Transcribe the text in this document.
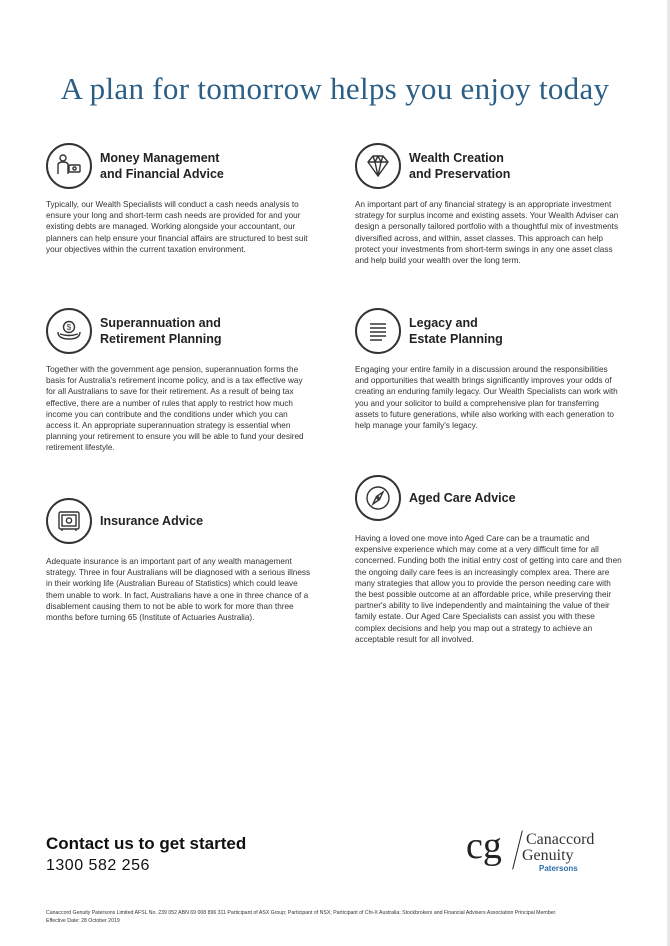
A plan for tomorrow helps you enjoy today
Money Management
and Financial Advice
Typically, our Wealth Specialists will conduct a cash needs analysis to ensure your long and short-term cash needs are provided for and your existing debts are managed. Working alongside your accountant, our planners can help ensure your financial affairs are structured to best suit your objectives within the current taxation environment.
Wealth Creation
and Preservation
An important part of any financial strategy is an appropriate investment strategy for surplus income and existing assets. Your Wealth Adviser can design a personally tailored portfolio with a thoughtful mix of investments diversified across, and within, asset classes. This approach can help protect your investments from short-term swings in any one asset class and help build your wealth over the long term.
$ Superannuation and
Retirement Planning
Together with the government age pension, superannuation forms the basis for Australia's retirement income policy, and is a tax effective way for all Australians to save for their retirement. As a result of being tax effective, there are a number of rules that apply to restrict how much income you can contribute and the conditions under which you can access it. An appropriate superannuation strategy is essential when planning your retirement to ensure you will be able to fund your desired retirement lifestyle.
Legacy and
Estate Planning
Engaging your entire family in a discussion around the responsibilities and opportunities that wealth brings significantly improves your odds of creating an enduring family legacy. Our Wealth Specialists can work with you and your solicitor to build a comprehensive plan for transferring assets to future generations, while also working with each generation to help manage your family's legacy.
Insurance Advice
Adequate insurance is an important part of any wealth management strategy. Three in four Australians will be diagnosed with a serious illness in their working life (Australian Bureau of Statistics) which could leave them unable to work. In fact, Australians have a one in three chance of a disablement causing them to not be able to work for more than three months before turning 65 (Institute of Actuaries Australia).
Aged Care Advice
Having a loved one move into Aged Care can be a traumatic and expensive experience which may come at a very difficult time for all concerned. Funding both the initial entry cost of getting into care and then the ongoing daily care fees is an increasingly complex area. There are many strategies that allow you to provide the person needing care with the best possible outcome at an affordable price, while preserving their partner's ability to live independently and maintaining the value of their family estate. Our Aged Care Specialists can assist you with these complex decisions and help you map out a strategy to achieve an acceptable result for all involved.
Contact us to get started
1300 582 256	cg Canaccord
Genuity
Patersons
Canaccord Genuity Patersons Limited AFSL No. 239 052 ABN 69 008 896 311 Participant of ASX Group; Participant of NSX; Participant of Chi-X Australia; Stockbrokers and Financial Advisers Association Principal Member.
Effective Date: 28 October 2019
